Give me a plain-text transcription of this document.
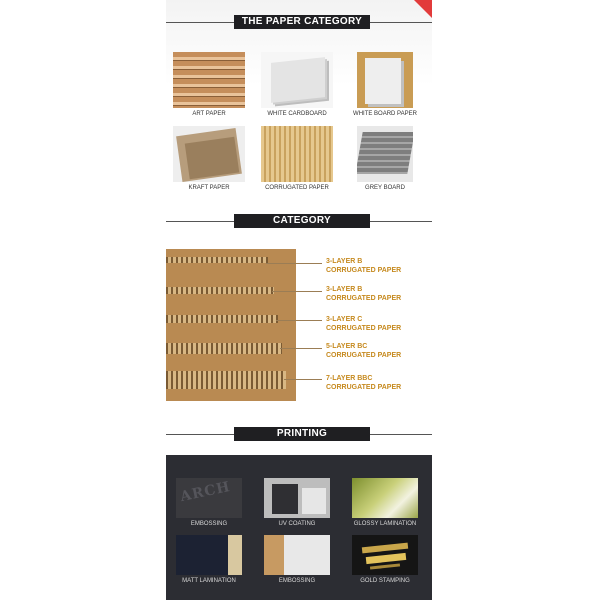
THE PAPER CATEGORY
ART PAPER	WHITE CARDBOARD	WHITE BOARD PAPER
KRAFT PAPER	CORRUGATED PAPER	GREY BOARD
CATEGORY
3-LAYER B
CORRUGATED PAPER
3-LAYER B
CORRUGATED PAPER
3-LAYER C
CORRUGATED PAPER
5-LAYER BC
CORRUGATED PAPER
7-LAYER BBC
CORRUGATED PAPER
PRINTING TECHNOLOGY
ARCH
EMBOSSING	UV COATING	GLOSSY LAMINATION
MATT LAMINATION	EMBOSSING	GOLD STAMPING
